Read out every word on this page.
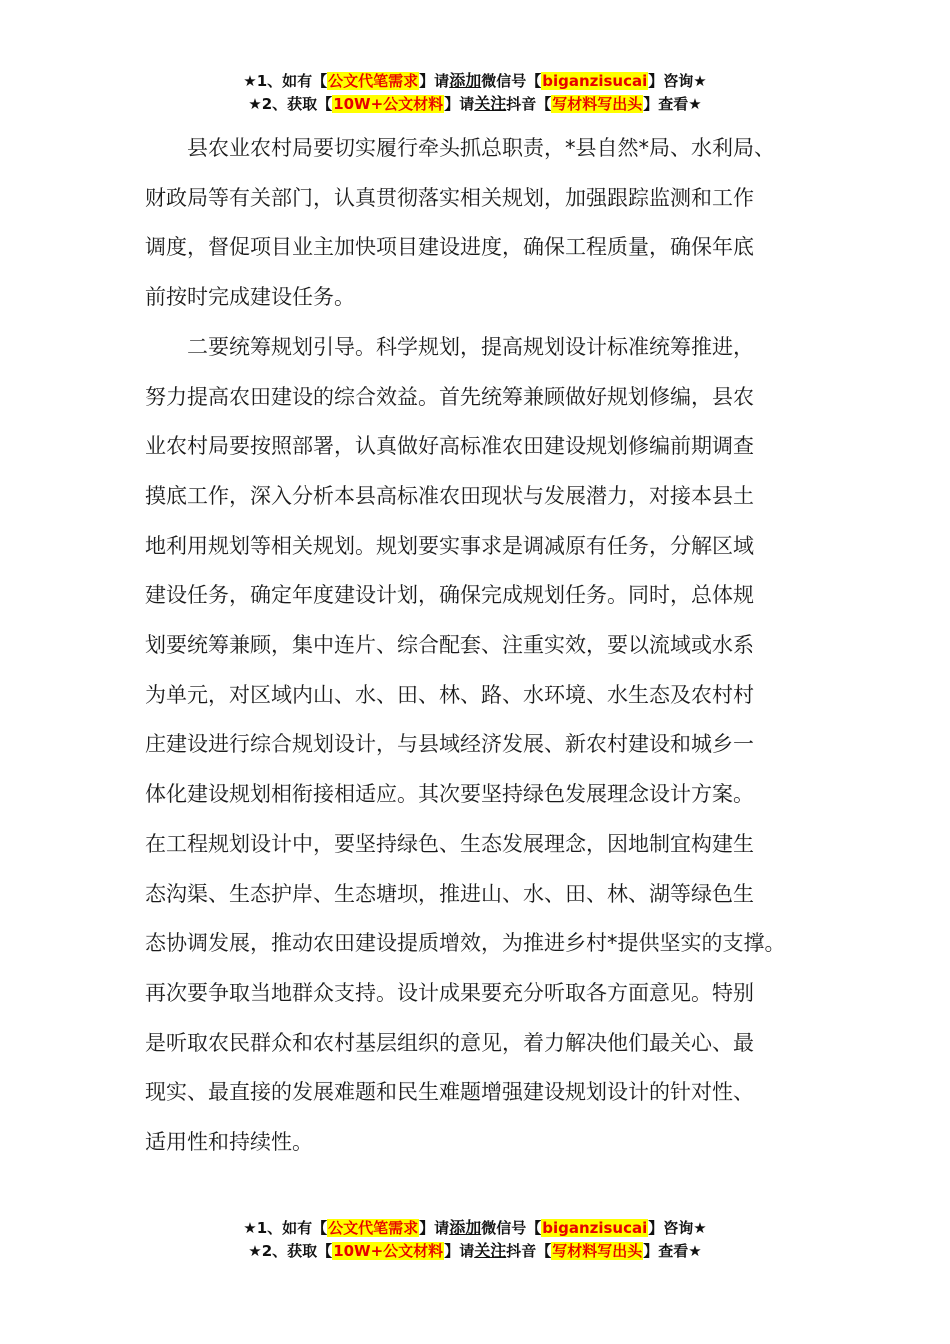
★1、如有【公文代笔需求】请添加微信号【biganzisucai】咨询★
★2、获取【10W+公文材料】请关注抖音【写材料写出头】查看★
县农业农村局要切实履行牵头抓总职责，*县自然*局、水利局、
财政局等有关部门，认真贯彻落实相关规划，加强跟踪监测和工作
调度，督促项目业主加快项目建设进度，确保工程质量，确保年底
前按时完成建设任务。
二要统筹规划引导。科学规划，提高规划设计标准统筹推进，
努力提高农田建设的综合效益。首先统筹兼顾做好规划修编，县农
业农村局要按照部署，认真做好高标准农田建设规划修编前期调查
摸底工作，深入分析本县高标准农田现状与发展潜力，对接本县土
地利用规划等相关规划。规划要实事求是调减原有任务，分解区域
建设任务，确定年度建设计划，确保完成规划任务。同时，总体规
划要统筹兼顾，集中连片、综合配套、注重实效，要以流域或水系
为单元，对区域内山、水、田、林、路、水环境、水生态及农村村
庄建设进行综合规划设计，与县域经济发展、新农村建设和城乡一
体化建设规划相衔接相适应。其次要坚持绿色发展理念设计方案。
在工程规划设计中，要坚持绿色、生态发展理念，因地制宜构建生
态沟渠、生态护岸、生态塘坝，推进山、水、田、林、湖等绿色生
态协调发展，推动农田建设提质增效，为推进乡村*提供坚实的支撑。
再次要争取当地群众支持。设计成果要充分听取各方面意见。特别
是听取农民群众和农村基层组织的意见，着力解决他们最关心、最
现实、最直接的发展难题和民生难题增强建设规划设计的针对性、
适用性和持续性。
★1、如有【公文代笔需求】请添加微信号【biganzisucai】咨询★
★2、获取【10W+公文材料】请关注抖音【写材料写出头】查看★
